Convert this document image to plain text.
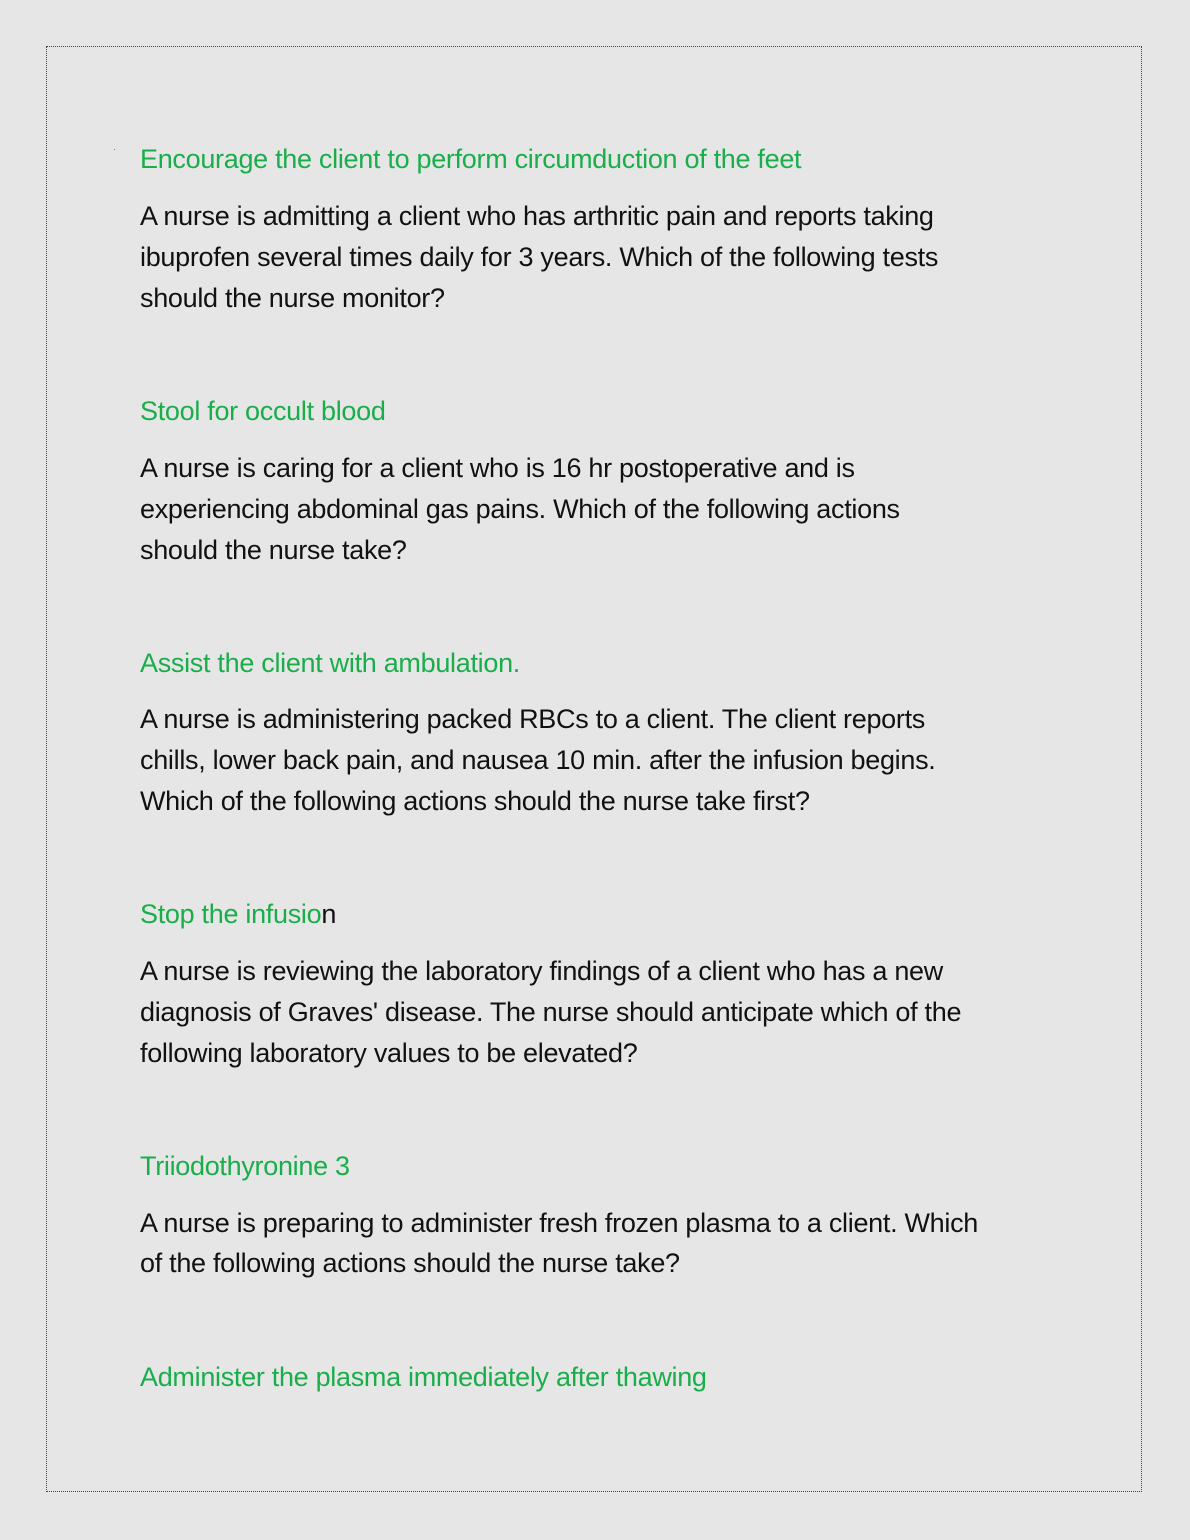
Encourage the client to perform circumduction of the feet

A nurse is admitting a client who has arthritic pain and reports taking

ibuprofen several times daily for 3 years. Which of the following tests

should the nurse monitor?

Stool for occult blood

A nurse is caring for a client who is 16 hr postoperative and is

experiencing abdominal gas pains. Which of the following actions

should the nurse take?

Assist the client with ambulation.

A nurse is administering packed RBCs to a client. The client reports

chills, lower back pain, and nausea 10 min. after the infusion begins.

Which of the following actions should the nurse take first?

Stop the infusion

A nurse is reviewing the laboratory findings of a client who has a new

diagnosis of Graves' disease. The nurse should anticipate which of the

following laboratory values to be elevated?

Triiodothyronine 3

A nurse is preparing to administer fresh frozen plasma to a client. Which

of the following actions should the nurse take?

Administer the plasma immediately after thawing
